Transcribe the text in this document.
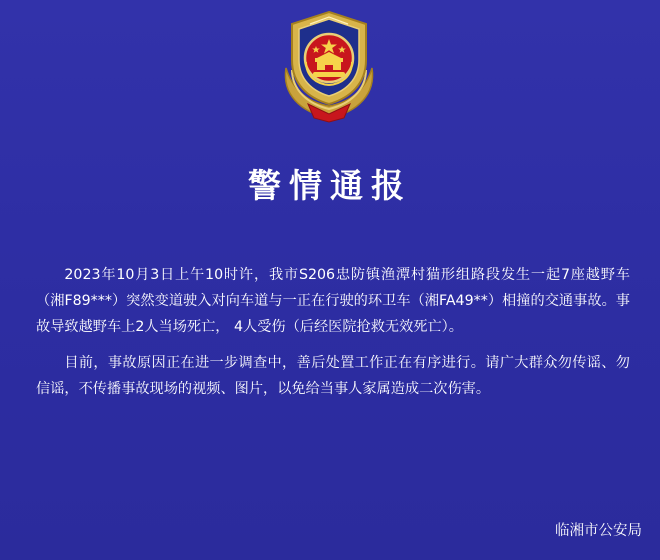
警情通报

2023年10月3日上午10时许，我市S206忠防镇渔潭村猫形组路段发生一起7座越野车（湘F89***）突然变道驶入对向车道与一正在行驶的环卫车（湘FA49**）相撞的交通事故。事故导致越野车上2人当场死亡， 4人受伤（后经医院抢救无效死亡）。

目前，事故原因正在进一步调查中，善后处置工作正在有序进行。请广大群众勿传谣、勿信谣，不传播事故现场的视频、图片，以免给当事人家属造成二次伤害。

临湘市公安局
